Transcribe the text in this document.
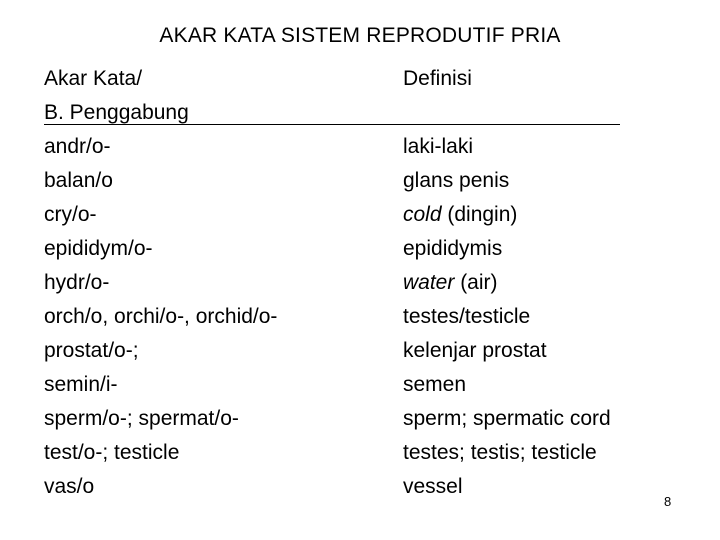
AKAR KATA SISTEM REPRODUTIF PRIA
Akar Kata/
B. Penggabung
andr/o-
balan/o
cry/o-
epididym/o-
hydr/o-
orch/o, orchi/o-, orchid/o-
prostat/o-;
semin/i-
sperm/o-; spermat/o-
test/o-; testicle
vas/o
Definisi
laki-laki
glans penis
cold (dingin)
epididymis
water (air)
testes/testicle
kelenjar prostat
semen
sperm; spermatic cord
testes; testis; testicle
vessel
8
